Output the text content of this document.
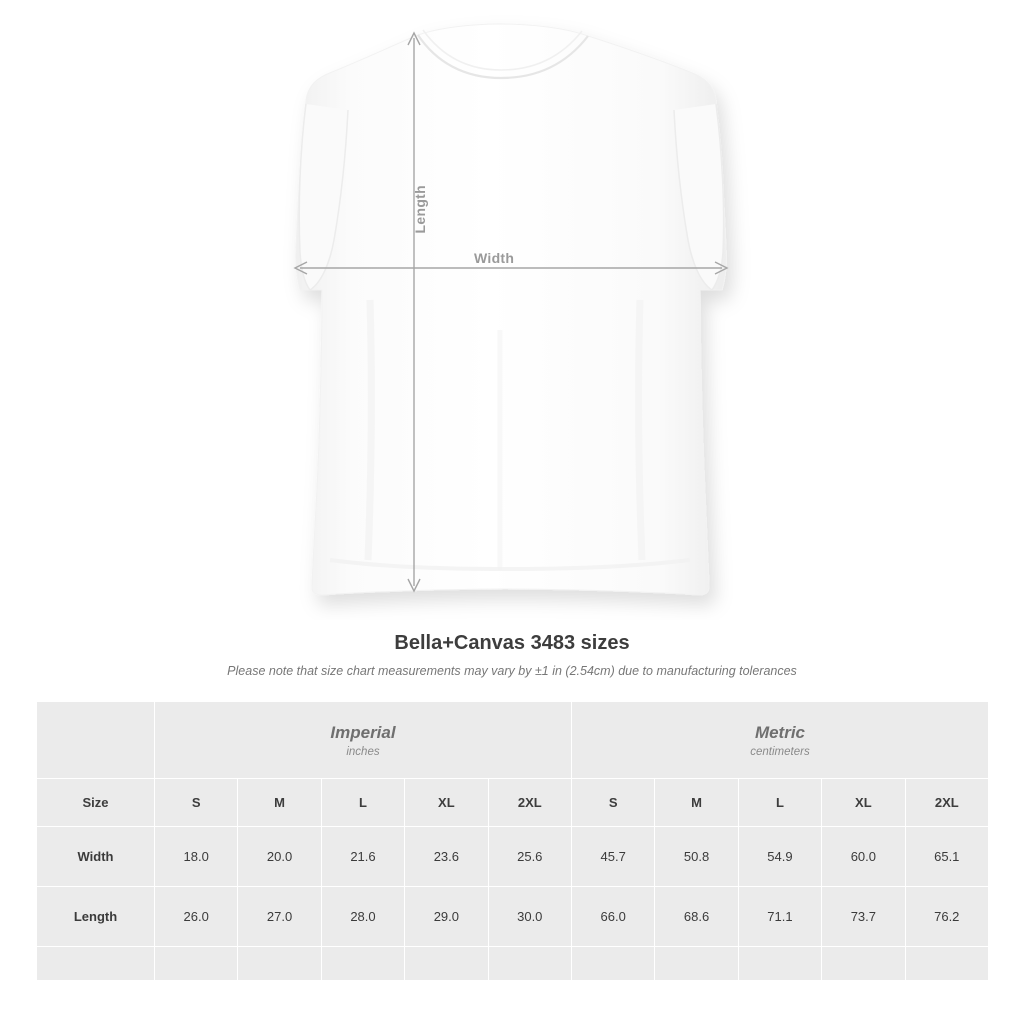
Width
Length
Bella+Canvas 3483 sizes
Please note that size chart measurements may vary by ±1 in (2.54cm) due to manufacturing tolerances

Imperial
inches

Metric
centimeters

Size	S	M	L	XL	2XL	S	M	L	XL	2XL
Width	18.0	20.0	21.6	23.6	25.6	45.7	50.8	54.9	60.0	65.1
Length	26.0	27.0	28.0	29.0	30.0	66.0	68.6	71.1	73.7	76.2
